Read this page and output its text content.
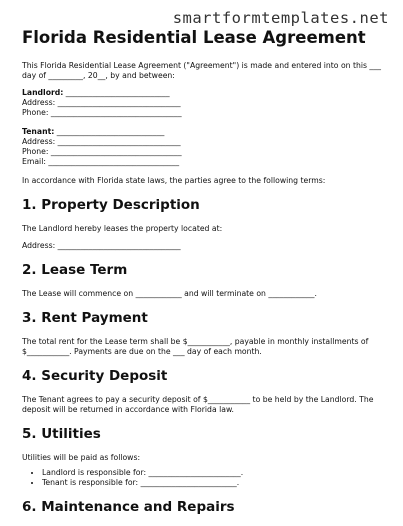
smartformtemplates.net
Florida Residential Lease Agreement

This Florida Residential Lease Agreement ("Agreement") is made and entered into on this ___ day of _________, 20__, by and between:

Landlord: ___________________________

Address: ________________________________

Phone: __________________________________

Tenant: ____________________________

Address: ________________________________

Phone: __________________________________

Email: __________________________________

In accordance with Florida state laws, the parties agree to the following terms:

1. Property Description

The Landlord hereby leases the property located at:

Address: ________________________________

2. Lease Term

The Lease will commence on ____________ and will terminate on ____________.

3. Rent Payment

The total rent for the Lease term shall be $___________, payable in monthly installments of $___________. Payments are due on the ___ day of each month.

4. Security Deposit

The Tenant agrees to pay a security deposit of $___________ to be held by the Landlord. The deposit will be returned in accordance with Florida law.

5. Utilities

Utilities will be paid as follows:

• Landlord is responsible for: ________________________.
• Tenant is responsible for: _________________________.
6. Maintenance and Repairs
